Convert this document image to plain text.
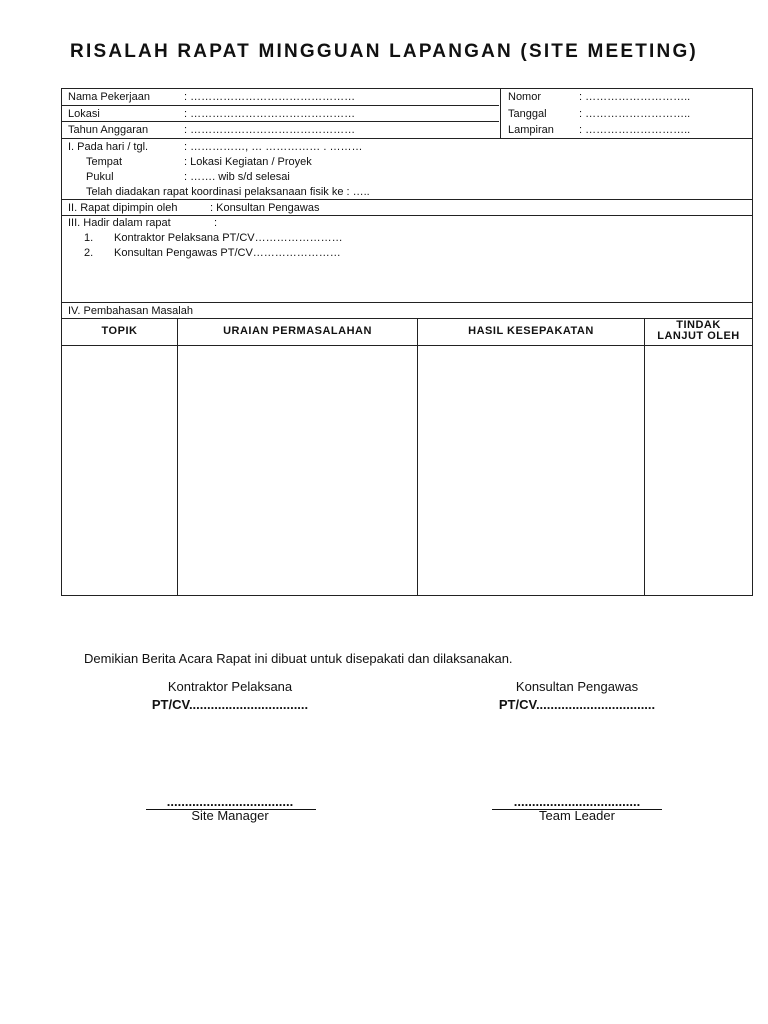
RISALAH RAPAT MINGGUAN LAPANGAN (SITE MEETING)
Nama Pekerjaan	: ………………………………………
Lokasi	: ………………………………………
Tahun Anggaran	: ………………………………………
Nomor	: ………………………..
Tanggal	: ………………………..
Lampiran : ………………………..
I. Pada hari / tgl.	: ……………, … …………… . ………
Tempat	: Lokasi Kegiatan / Proyek
Pukul	: ……. wib s/d selesai
Telah diadakan rapat koordinasi pelaksanaan fisik ke : …..
II. Rapat dipimpin oleh	: Konsultan Pengawas
III. Hadir dalam rapat	:
1. Kontraktor Pelaksana PT/CV……………………
2. Konsultan Pengawas PT/CV……………………
IV. Pembahasan Masalah
TOPIK	URAIAN PERMASALAHAN	HASIL KESEPAKATAN	TINDAK LANJUT OLEH
Demikian Berita Acara Rapat ini dibuat untuk disepakati dan dilaksanakan.
Kontraktor Pelaksana
PT/CV.................................
...................................
Site Manager
Konsultan Pengawas
PT/CV.................................
...................................
Team Leader
